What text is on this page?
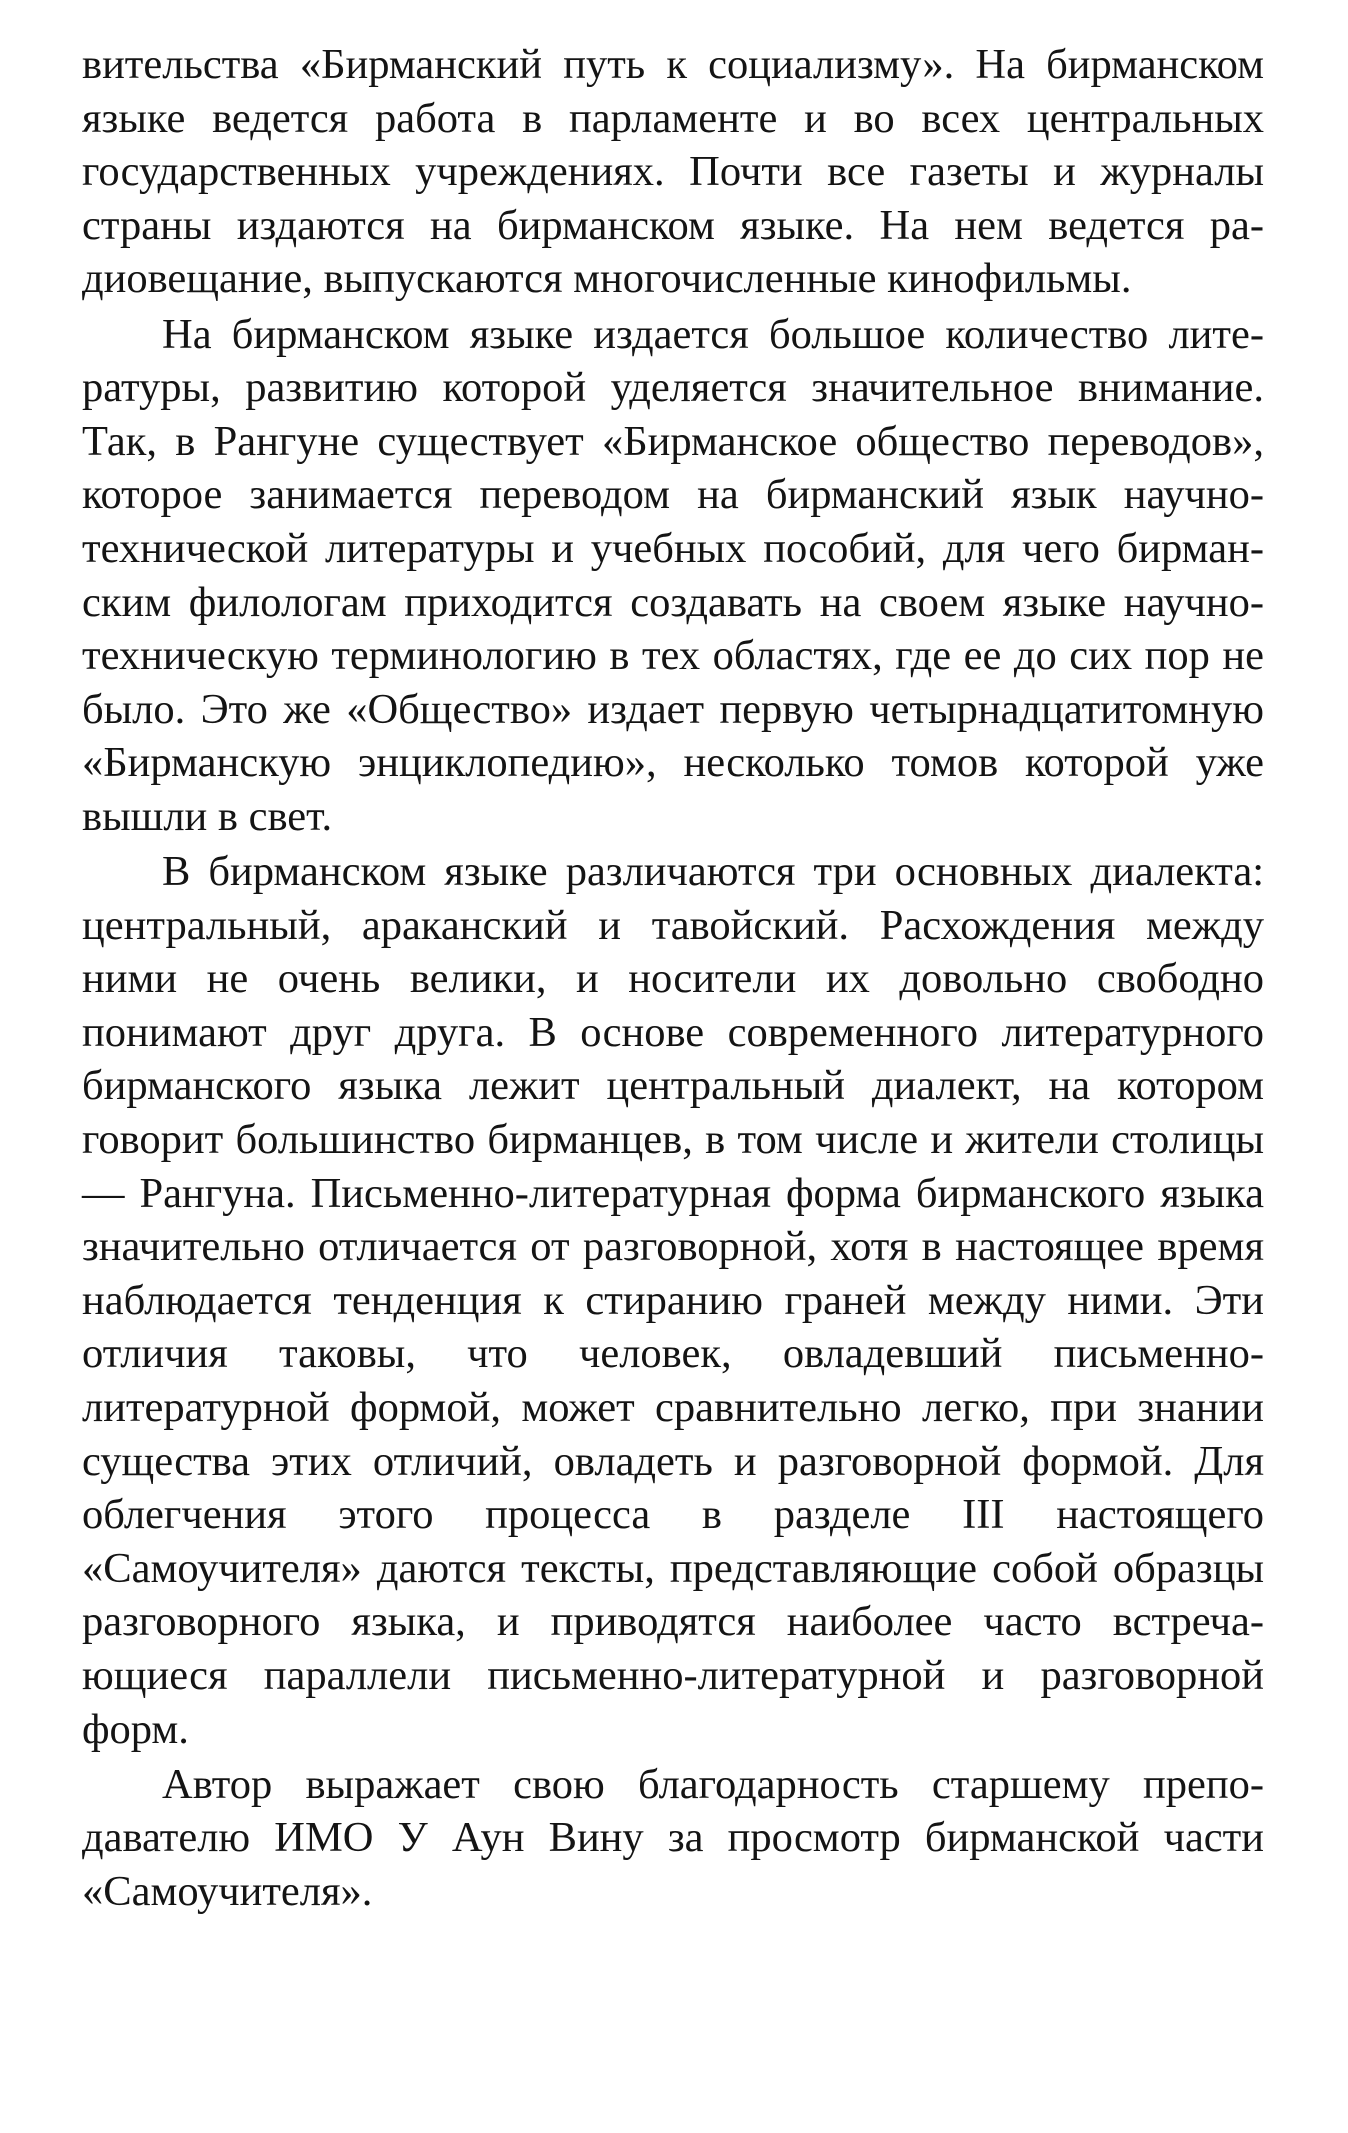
вительства «Бирманский путь к социализму». На бирманском языке ведется работа в парламенте и во всех центральных государственных учреждениях. Почти все газеты и журналы страны издаются на бирманском языке. На нем ведется радиовещание, выпускаются многочисленные кинофильмы.

На бирманском языке издается большое количество литературы, развитию которой уделяется значительное внимание. Так, в Рангуне существует «Бирманское общество переводов», которое занимается переводом на бирманский язык научно-технической литературы и учебных пособий, для чего бирманским филологам приходится создавать на своем языке научно-техническую терминологию в тех областях, где ее до сих пор не было. Это же «Общество» издает первую четырнадцатитомную «Бирманскую энциклопедию», несколько томов которой уже вышли в свет.

В бирманском языке различаются три основных диалекта: центральный, араканский и тавойский. Расхождения между ними не очень велики, и носители их довольно свободно понимают друг друга. В основе современного литературного бирманского языка лежит центральный диалект, на котором говорит большинство бирманцев, в том числе и жители столицы — Рангуна. Письменно-литературная форма бирманского языка значительно отличается от разговорной, хотя в настоящее время наблюдается тенденция к стиранию граней между ними. Эти отличия таковы, что человек, овладевший письменно-литературной формой, может сравнительно легко, при знании существа этих отличий, овладеть и разговорной формой. Для облегчения этого процесса в разделе III настоящего «Самоучителя» даются тексты, представляющие собой образцы разговорного языка, и приводятся наиболее часто встречающиеся параллели письменно-литературной и разговорной форм.

Автор выражает свою благодарность старшему преподавателю ИМО У Аун Вину за просмотр бирманской части «Самоучителя».
